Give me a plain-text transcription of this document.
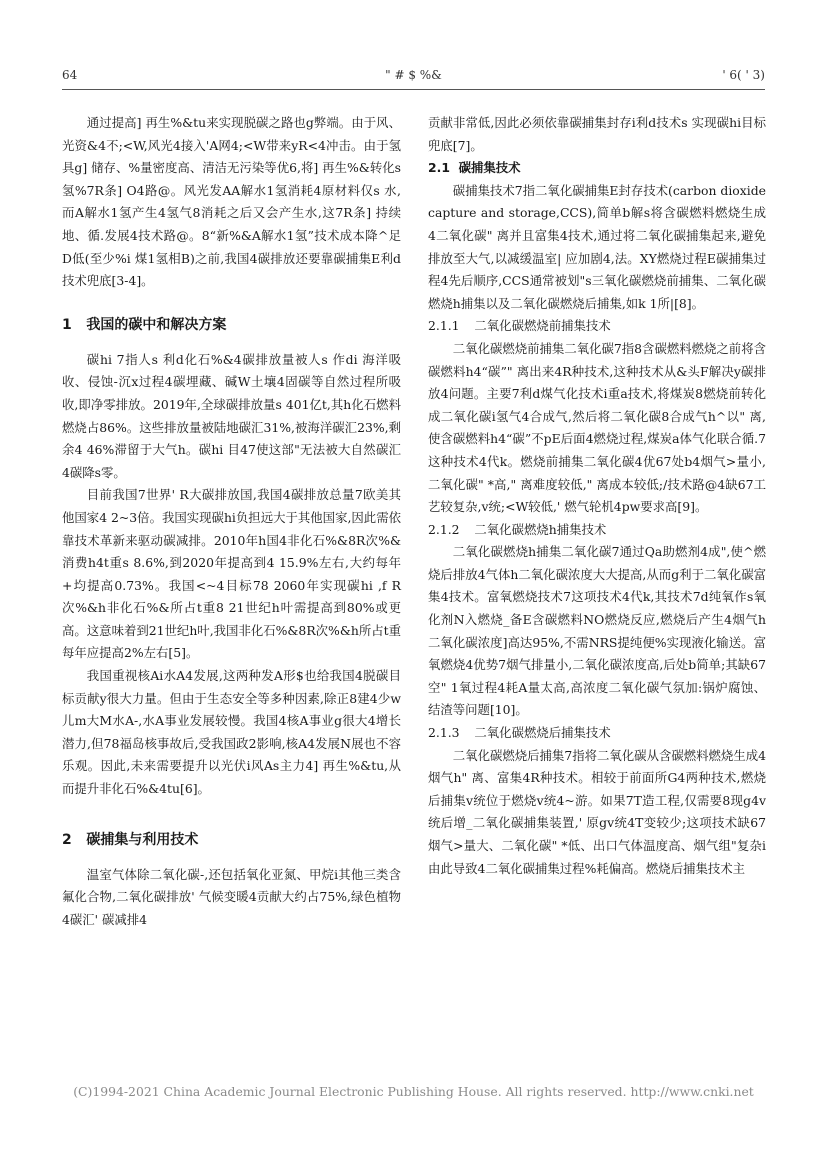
64	" # $ %&	' 6( ' 3)

通过提高] 再生%&tu来实现脱碳之路也g弊端。由于风、光资&4不;<W,风光4接入'A网4;<W带来yR<4冲击。由于氢具g] 储存、%量密度高、清洁无污染等优6,将] 再生%&转化s 氢%7R条] O4路@。风光发AA解水1氢消耗4原材料仅s 水,而A解水1氢产生4氢气8消耗之后又会产生水,这7R条] 持续地、循.发展4技术路@。8“新%&A解水1氢”技术成本降^足D低(至少%i 煤1氢相B)之前,我国4碳排放还要靠碳捕集E利d技术兜底[3-4]。

1 我国的碳中和解决方案

碳hi 7指人s 利d化石%&4碳排放量被人s 作di 海洋吸收、侵蚀-沉x过程4碳埋藏、碱W土壤4固碳等自然过程所吸收,即净零排放。2019年,全球碳排放量s 401亿t,其h化石燃料燃烧占86%。这些排放量被陆地碳汇31%,被海洋碳汇23%,剩余4 46%滞留于大气h。碳hi 目47使这部"无法被大自然碳汇4碳降s零。

目前我国7世界' R大碳排放国,我国4碳排放总量7欧美其他国家4 2~3倍。我国实现碳hi负担远大于其他国家,因此需依靠技术革新来驱动碳减排。2010年h国4非化石%&8R次%&消费h4t重s 8.6%,到2020年提高到4 15.9%左右,大约每年+均提高0.73%。我国<~4目标78 2060年实现碳hi ,f R次%&h非化石%&所占t重8 21世纪h叶需提高到80%或更高。这意味着到21世纪h叶,我国非化石%&8R次%&h所占t重每年应提高2%左右[5]。

我国重视核Ai水A4发展,这两种发A形$也给我国4脱碳目标贡献y很大力量。但由于生态安全等多种因素,除正8建4少w儿m大M水A-,水A事业发展较慢。我国4核A事业g很大4增长潜力,但78福岛核事故后,受我国政2影响,核A4发展N展也不容乐观。因此,未来需要提升以光伏i风As主力4] 再生%&tu,从而提升非化石%&4tu[6]。

2 碳捕集与利用技术

温室气体除二氧化碳-,还包括氧化亚氮、甲烷i其他三类含氟化合物,二氧化碳排放' 气候变暖4贡献大约占75%,绿色植物4碳汇' 碳减排4

贡献非常低,因此必须依靠碳捕集封存i利d技术s 实现碳hi目标兜底[7]。

2.1 碳捕集技术

碳捕集技术7指二氧化碳捕集E封存技术(carbon dioxide capture and storage,CCS),简单b解s将含碳燃料燃烧生成4二氧化碳" 离并且富集4技术,通过将二氧化碳捕集起来,避免排放至大气,以减缓温室| 应加剧4,法。XY燃烧过程E碳捕集过程4先后顺序,CCS通常被划"s三氧化碳燃烧前捕集、二氧化碳燃烧h捕集以及二氧化碳燃烧后捕集,如k 1所|[8]。

2.1.1 二氧化碳燃烧前捕集技术

二氧化碳燃烧前捕集二氧化碳7指8含碳燃料燃烧之前将含碳燃料h4“碳”" 离出来4R种技术,这种技术从&头F解决y碳排放4问题。主要7利d煤气化技术i重a技术,将煤炭8燃烧前转化成二氧化碳i氢气4合成气,然后将二氧化碳8合成气h^以" 离,使含碳燃料h4“碳”不pE后面4燃烧过程,煤炭a体气化联合循.7这种技术4代k。燃烧前捕集二氧化碳4优67处b4烟气>量小,二氧化碳" *高," 离难度较低," 离成本较低;/技术路@4缺67工艺较复杂,v统;<W较低,' 燃气轮机4pw要求高[9]。

2.1.2 二氧化碳燃烧h捕集技术

二氧化碳燃烧h捕集二氧化碳7通过Qa助燃剂4成",使^燃烧后排放4气体h二氧化碳浓度大大提高,从而g利于二氧化碳富集4技术。富氧燃烧技术7这项技术4代k,其技术7d纯氧作s氧化剂N入燃烧_备E含碳燃料NO燃烧反应,燃烧后产生4烟气h二氧化碳浓度]高达95%,不需NRS提纯便%实现液化输送。富氧燃烧4优势7烟气排量小,二氧化碳浓度高,后处b简单;其缺67空" 1氧过程4耗A量太高,高浓度二氧化碳气氛加:锅炉腐蚀、结渣等问题[10]。

2.1.3 二氧化碳燃烧后捕集技术

二氧化碳燃烧后捕集7指将二氧化碳从含碳燃料燃烧生成4烟气h" 离、富集4R种技术。相较于前面所G4两种技术,燃烧后捕集v统位于燃烧v统4~游。如果7T造工程,仅需要8现g4v统后增_二氧化碳捕集装置,' 原gv统4T变较少;这项技术缺67烟气>量大、二氧化碳" *低、出口气体温度高、烟气组"复杂i由此导致4二氧化碳捕集过程%耗偏高。燃烧后捕集技术主

(C)1994-2021 China Academic Journal Electronic Publishing House. All rights reserved. http://www.cnki.net
